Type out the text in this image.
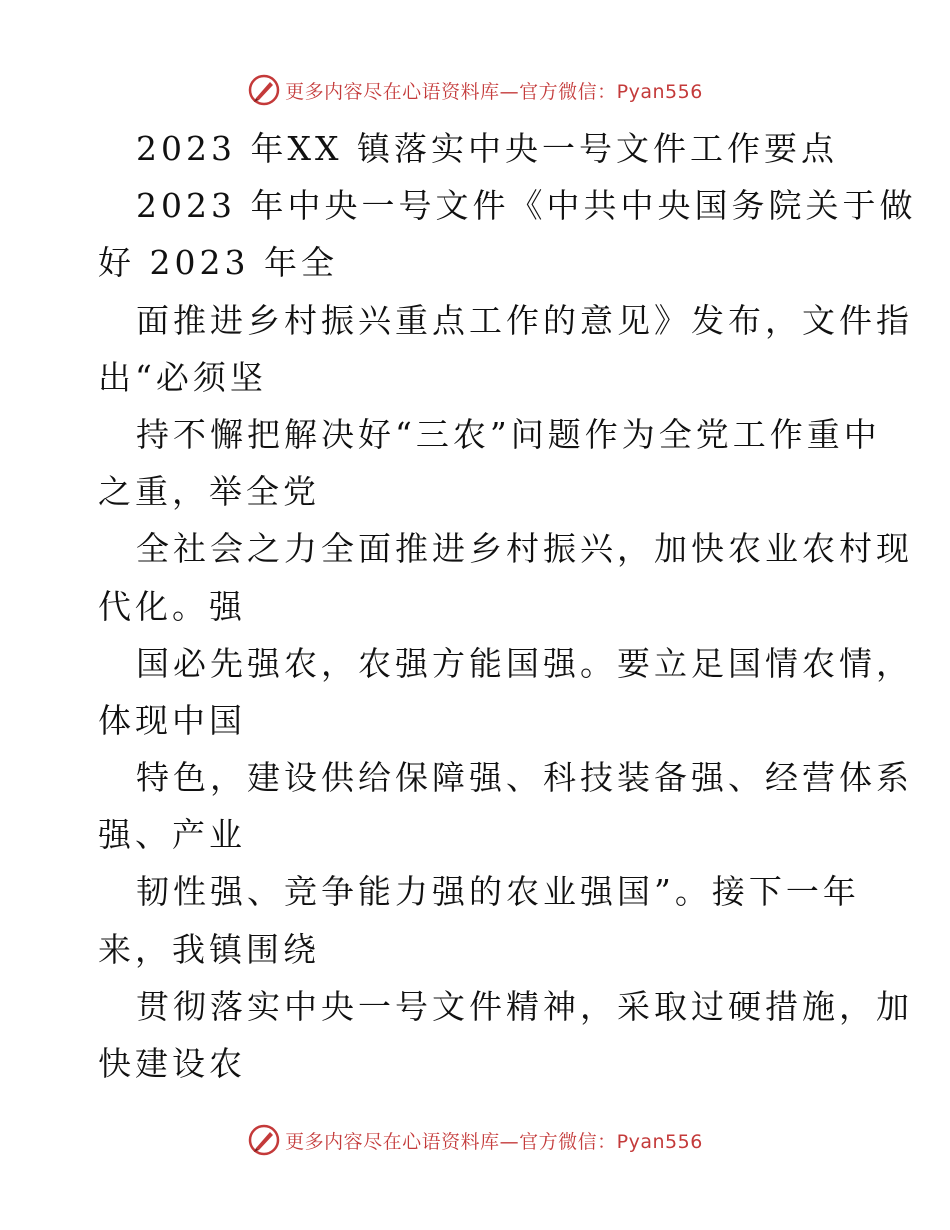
更多内容尽在心语资料库—官方微信：Pyan556
2023 年XX 镇落实中央一号文件工作要点
2023 年中央一号文件《中共中央国务院关于做
好 2023 年全
面推进乡村振兴重点工作的意见》发布，文件指
出“必须坚
持不懈把解决好“三农”问题作为全党工作重中
之重，举全党
全社会之力全面推进乡村振兴，加快农业农村现
代化。强
国必先强农，农强方能国强。要立足国情农情，
体现中国
特色，建设供给保障强、科技装备强、经营体系
强、产业
韧性强、竞争能力强的农业强国”。接下一年
来，我镇围绕
贯彻落实中央一号文件精神，采取过硬措施，加
快建设农
更多内容尽在心语资料库—官方微信：Pyan556
